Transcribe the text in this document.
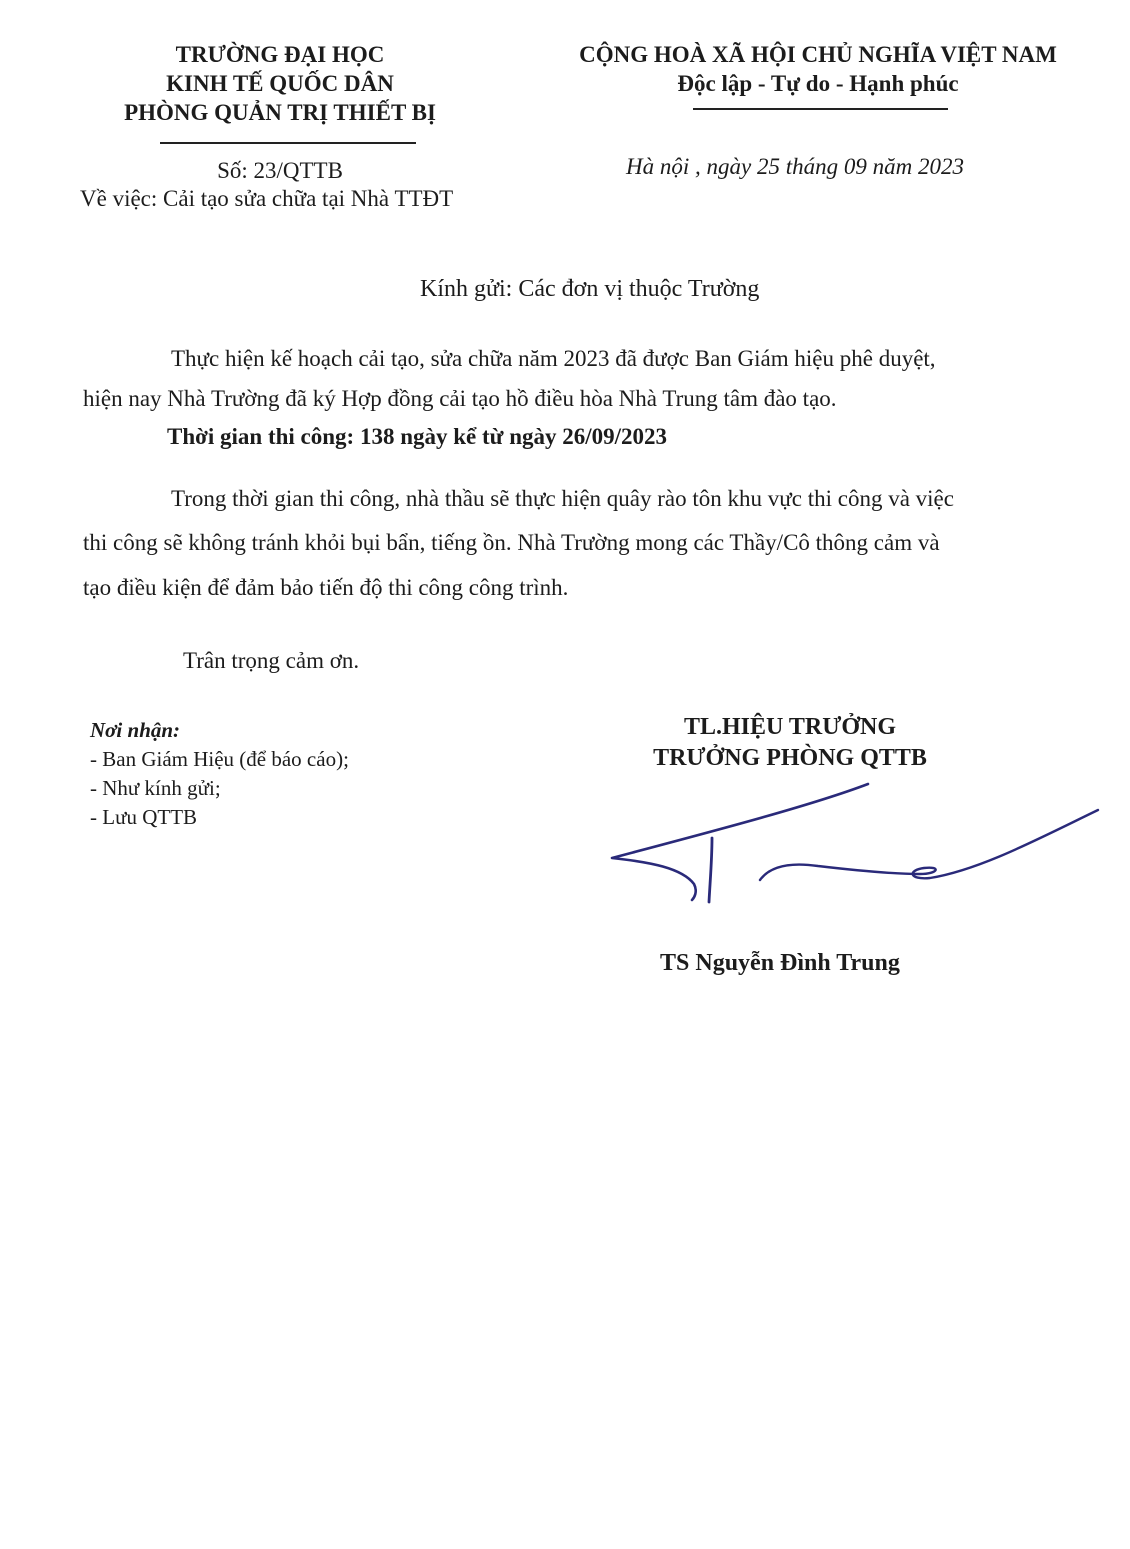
TRƯỜNG ĐẠI HỌC
KINH TẾ QUỐC DÂN
PHÒNG QUẢN TRỊ THIẾT BỊ
Số: 23/QTTB
Về việc: Cải tạo sửa chữa tại Nhà TTĐT
CỘNG HOÀ XÃ HỘI CHỦ NGHĨA VIỆT NAM
Độc lập - Tự do - Hạnh phúc
Hà nội , ngày 25 tháng 09 năm 2023
Kính gửi: Các đơn vị thuộc Trường
Thực hiện kế hoạch cải tạo, sửa chữa năm 2023 đã được Ban Giám hiệu phê duyệt,
hiện nay Nhà Trường đã ký Hợp đồng cải tạo hồ điều hòa Nhà Trung tâm đào tạo.
Thời gian thi công: 138 ngày kể từ ngày 26/09/2023
Trong thời gian thi công, nhà thầu sẽ thực hiện quây rào tôn khu vực thi công và việc
thi công sẽ không tránh khỏi bụi bẩn, tiếng ồn. Nhà Trường mong các Thầy/Cô thông cảm và
tạo điều kiện để đảm bảo tiến độ thi công công trình.
Trân trọng cảm ơn.
Nơi nhận:
- Ban Giám Hiệu (để báo cáo);
- Như kính gửi;
- Lưu QTTB
TL.HIỆU TRƯỞNG
TRƯỞNG PHÒNG QTTB
TS Nguyễn Đình Trung
